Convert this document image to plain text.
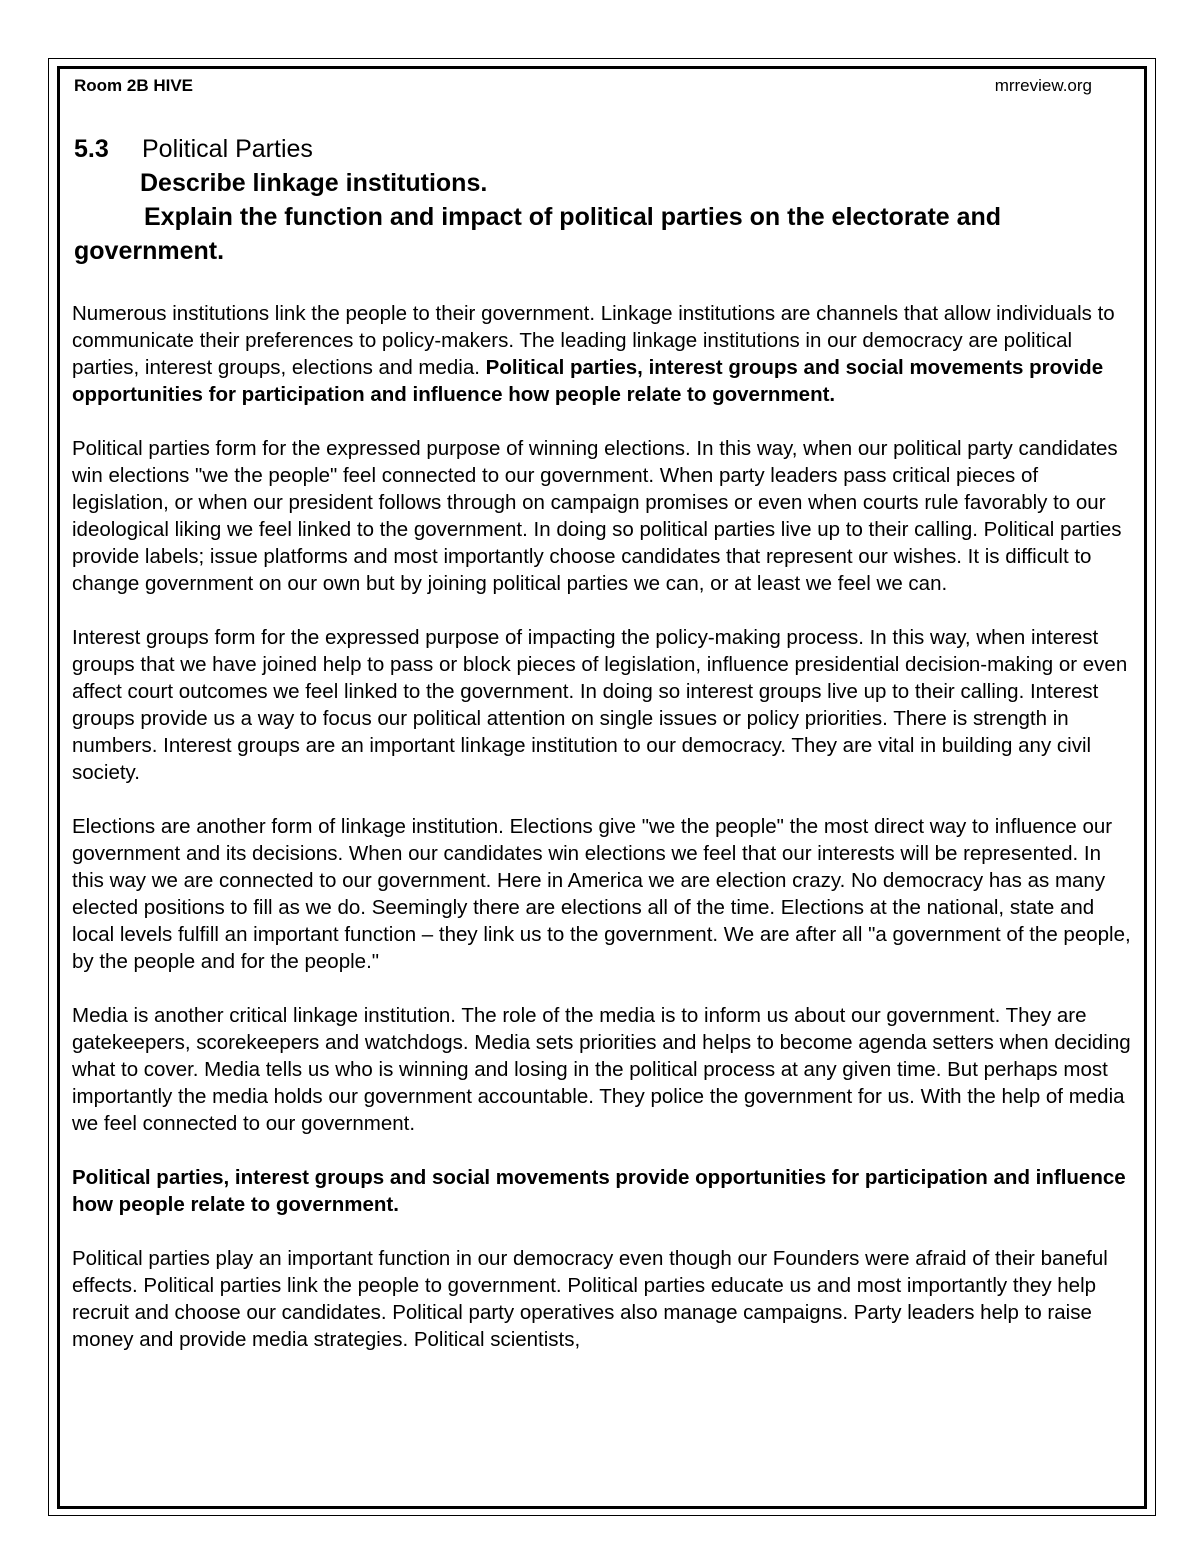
Room 2B HIVE	mrreview.org
5.3 Political Parties
Describe linkage institutions.
Explain the function and impact of political parties on the electorate and
government.

Numerous institutions link the people to their government. Linkage institutions are channels that allow individuals to communicate their preferences to policy-makers. The leading linkage institutions in our democracy are political parties, interest groups, elections and media. Political parties, interest groups and social movements provide opportunities for participation and influence how people relate to government.

Political parties form for the expressed purpose of winning elections. In this way, when our political party candidates win elections "we the people" feel connected to our government. When party leaders pass critical pieces of legislation, or when our president follows through on campaign promises or even when courts rule favorably to our ideological liking we feel linked to the government. In doing so political parties live up to their calling. Political parties provide labels; issue platforms and most importantly choose candidates that represent our wishes. It is difficult to change government on our own but by joining political parties we can, or at least we feel we can.

Interest groups form for the expressed purpose of impacting the policy-making process. In this way, when interest groups that we have joined help to pass or block pieces of legislation, influence presidential decision-making or even affect court outcomes we feel linked to the government. In doing so interest groups live up to their calling. Interest groups provide us a way to focus our political attention on single issues or policy priorities. There is strength in numbers. Interest groups are an important linkage institution to our democracy. They are vital in building any civil society.

Elections are another form of linkage institution. Elections give "we the people" the most direct way to influence our government and its decisions. When our candidates win elections we feel that our interests will be represented. In this way we are connected to our government. Here in America we are election crazy. No democracy has as many elected positions to fill as we do. Seemingly there are elections all of the time. Elections at the national, state and local levels fulfill an important function – they link us to the government. We are after all "a government of the people, by the people and for the people."

Media is another critical linkage institution. The role of the media is to inform us about our government. They are gatekeepers, scorekeepers and watchdogs. Media sets priorities and helps to become agenda setters when deciding what to cover. Media tells us who is winning and losing in the political process at any given time. But perhaps most importantly the media holds our government accountable. They police the government for us. With the help of media we feel connected to our government.

Political parties, interest groups and social movements provide opportunities for participation and influence how people relate to government.

Political parties play an important function in our democracy even though our Founders were afraid of their baneful effects. Political parties link the people to government. Political parties educate us and most importantly they help recruit and choose our candidates. Political party operatives also manage campaigns. Party leaders help to raise money and provide media strategies. Political scientists,
